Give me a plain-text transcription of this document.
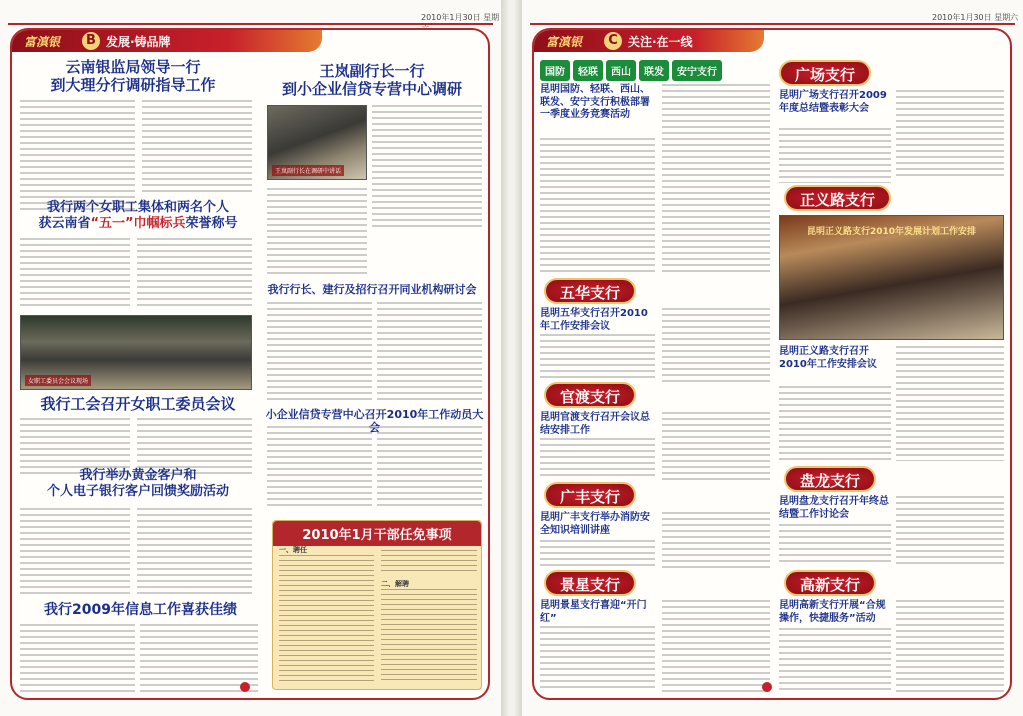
2010年1月30日 星期
富滇银	B 发展·铸品牌
云南银监局领导一行
到大理分行调研指导工作
王岚副行长一行
到小企业信贷专营中心调研
王岚副行长在调研中讲话
我行两个女职工集体和两名个人
获云南省“五一”巾帼标兵荣誉称号
我行行长、建行及招行召开同业机构研讨会
女职工委员会会议现场
我行工会召开女职工委员会议
小企业信贷专营中心召开2010年工作动员大会
我行举办黄金客户和
个人电子银行客户回馈奖励活动
2010年1月干部任免事项
一、聘任
二、解聘
我行2009年信息工作喜获佳绩
2010年1月30日 星期六
富滇银	C 关注·在一线
国防	轻联	西山	联发	安宁支行
昆明国防、轻联、西山、联发、安宁支行积极部署一季度业务竞赛活动
五华支行
昆明五华支行召开2010年工作安排会议
官渡支行
昆明官渡支行召开会议总结安排工作
广丰支行
昆明广丰支行举办消防安全知识培训讲座
景星支行
昆明景星支行喜迎“开门红”
广场支行
昆明广场支行召开2009年度总结暨表彰大会
正义路支行
昆明正义路支行2010年发展计划工作安排
昆明正义路支行召开2010年工作安排会议
盘龙支行
昆明盘龙支行召开年终总结暨工作讨论会
高新支行
昆明高新支行开展“合规操作，快捷服务”活动
